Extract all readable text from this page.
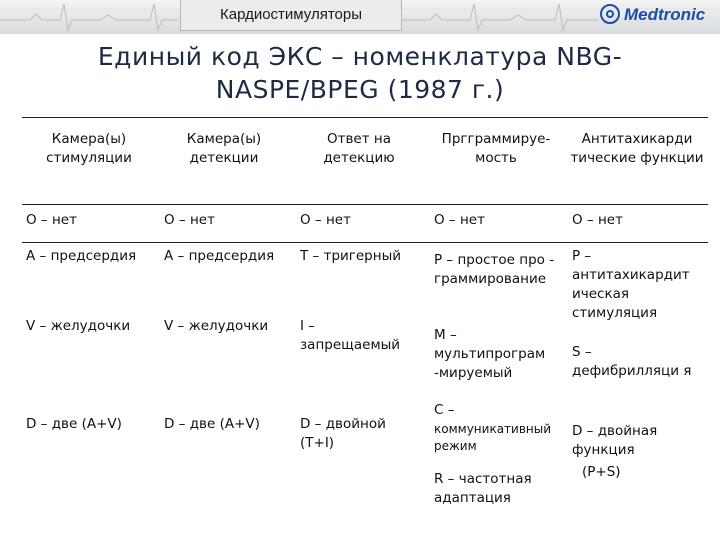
Кардиостимуляторы	Medtronic
Единый код ЭКС – номенклатура NBG-
NASPE/BPEG (1987 г.)
Камера(ы) стимуляции
Камера(ы) детекции
Ответ на детекцию
Пргграммируе-мость
Антитахикарди тические функции
O – нет
А – предсердия
V – желудочки
D – две (A+V)
O – нет
А – предсердия
V – желудочки
D – две (A+V)
O – нет
Т – тригерный
I – запрещаемый
D – двойной (T+I)
O – нет
P – простое про - граммирование
M – мультипрограм -мируемый
C –
коммуникативный режим
R – частотная адаптация
O – нет
P – антитахикардит ическая стимуляция
S – дефибрилляци я
D – двойная функция
(P+S)
